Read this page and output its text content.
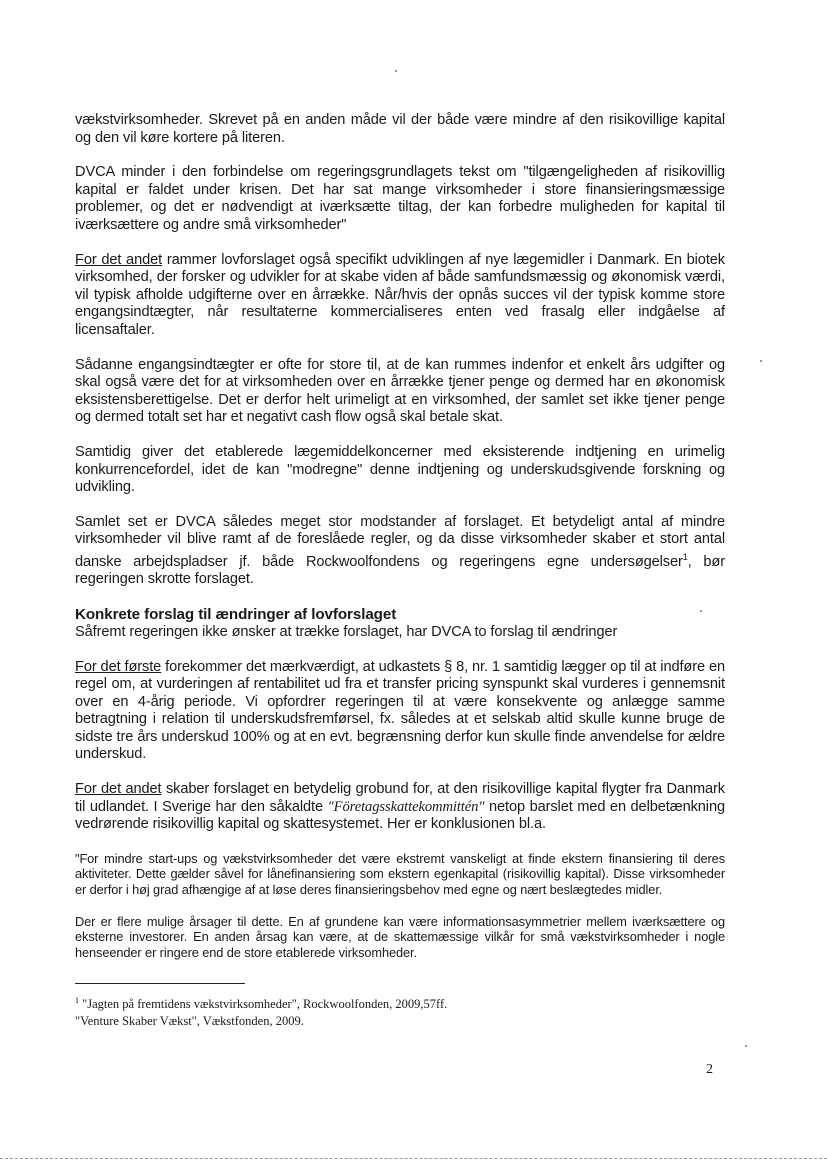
vækstvirksomheder. Skrevet på en anden måde vil der både være mindre af den risikovillige kapital og den vil køre kortere på literen.

DVCA minder i den forbindelse om regeringsgrundlagets tekst om "tilgængeligheden af risikovillig kapital er faldet under krisen. Det har sat mange virksomheder i store finansieringsmæssige problemer, og det er nødvendigt at iværksætte tiltag, der kan forbedre muligheden for kapital til iværksættere og andre små virksomheder"

For det andet rammer lovforslaget også specifikt udviklingen af nye lægemidler i Danmark. En biotek virksomhed, der forsker og udvikler for at skabe viden af både samfundsmæssig og økonomisk værdi, vil typisk afholde udgifterne over en årrække. Når/hvis der opnås succes vil der typisk komme store engangsindtægter, når resultaterne kommercialiseres enten ved frasalg eller indgåelse af licensaftaler.

Sådanne engangsindtægter er ofte for store til, at de kan rummes indenfor et enkelt års udgifter og skal også være det for at virksomheden over en årrække tjener penge og dermed har en økonomisk eksistensberettigelse. Det er derfor helt urimeligt at en virksomhed, der samlet set ikke tjener penge og dermed totalt set har et negativt cash flow også skal betale skat.

Samtidig giver det etablerede lægemiddelkoncerner med eksisterende indtjening en urimelig konkurrencefordel, idet de kan "modregne" denne indtjening og underskudsgivende forskning og udvikling.

Samlet set er DVCA således meget stor modstander af forslaget. Et betydeligt antal af mindre virksomheder vil blive ramt af de foreslåede regler, og da disse virksomheder skaber et stort antal danske arbejdspladser jf. både Rockwoolfondens og regeringens egne undersøgelser$^1$, bør regeringen skrotte forslaget.

Konkrete forslag til ændringer af lovforslaget

Såfremt regeringen ikke ønsker at trække forslaget, har DVCA to forslag til ændringer

For det første forekommer det mærkværdigt, at udkastets § 8, nr. 1 samtidig lægger op til at indføre en regel om, at vurderingen af rentabilitet ud fra et transfer pricing synspunkt skal vurderes i gennemsnit over en 4-årig periode. Vi opfordrer regeringen til at være konsekvente og anlægge samme betragtning i relation til underskudsfremførsel, fx. således at et selskab altid skulle kunne bruge de sidste tre års underskud 100% og at en evt. begrænsning derfor kun skulle finde anvendelse for ældre underskud.

For det andet skaber forslaget en betydelig grobund for, at den risikovillige kapital flygter fra Danmark til udlandet. I Sverige har den såkaldte "Företagsskattekommittén" netop barslet med en delbetænkning vedrørende risikovillig kapital og skattesystemet. Her er konklusionen bl.a.

"For mindre start-ups og vækstvirksomheder det være ekstremt vanskeligt at finde ekstern finansiering til deres aktiviteter. Dette gælder såvel for lånefinansiering som ekstern egenkapital (risikovillig kapital). Disse virksomheder er derfor i høj grad afhængige af at løse deres finansieringsbehov med egne og nært beslægtedes midler.

Der er flere mulige årsager til dette. En af grundene kan være informationsasymmetrier mellem iværksættere og eksterne investorer. En anden årsag kan være, at de skattemæssige vilkår for små vækstvirksomheder i nogle henseender er ringere end de store etablerede virksomheder.

$^1$ "Jagten på fremtidens vækstvirksomheder", Rockwoolfonden, 2009,57ff.
"Venture Skaber Vækst", Vækstfonden, 2009.
2
